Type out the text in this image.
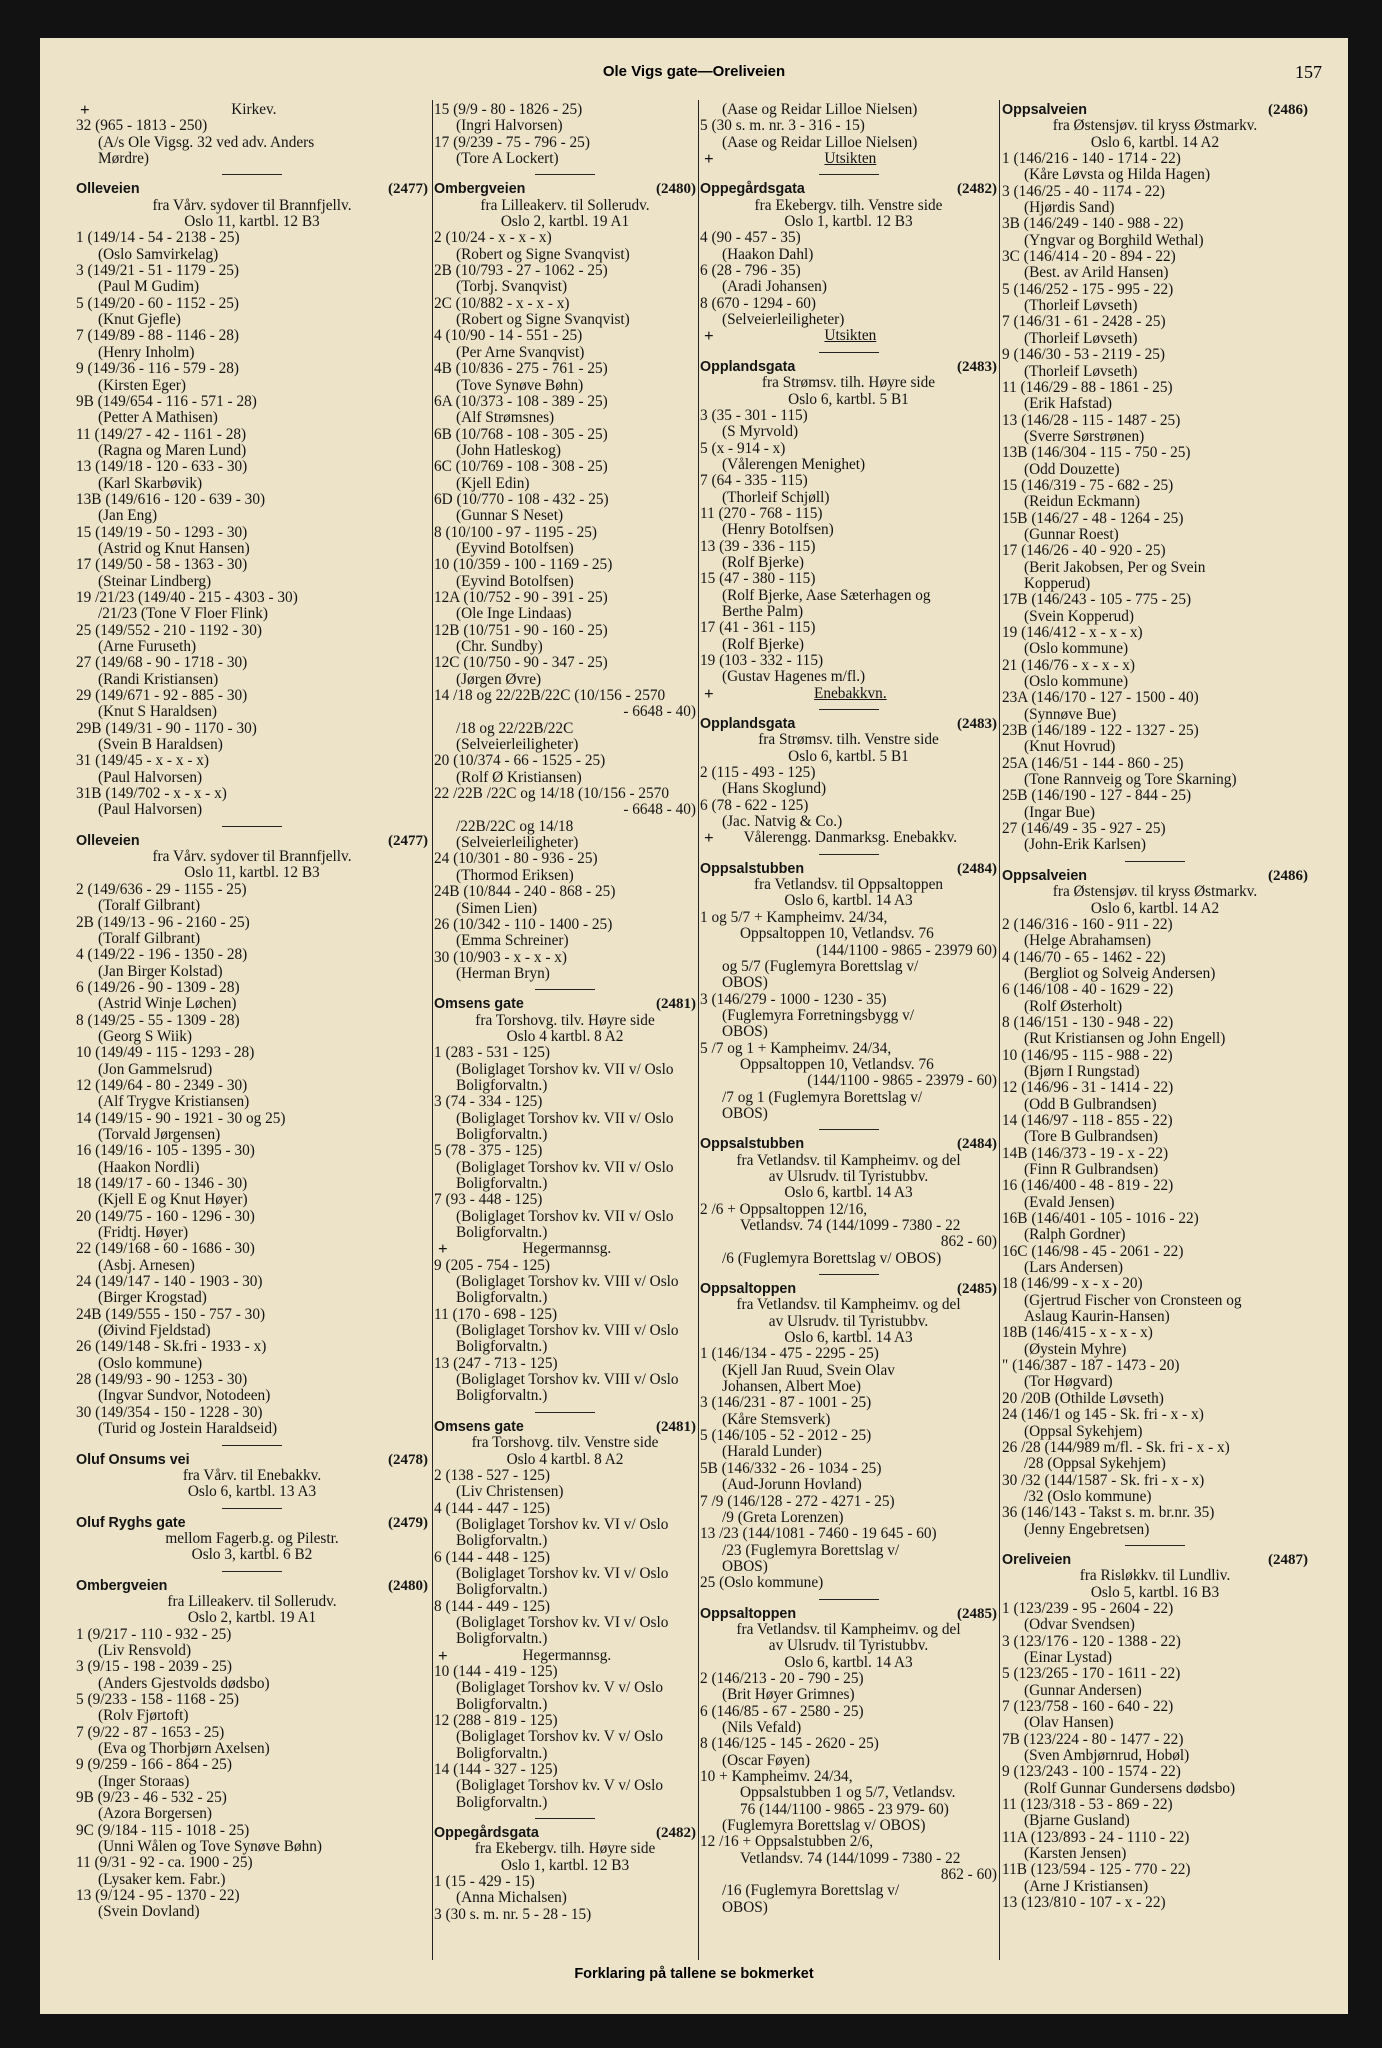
Ole Vigs gate—Oreliveien	157
+	Kirkev.
32 (965 - 1813 - 250)
(A/s Ole Vigsg. 32 ved adv. Anders
Mørdre)
Olleveien	(2477)
fra Vårv. sydover til Brannfjellv.
Oslo 11, kartbl. 12 B3
1 (149/14 - 54 - 2138 - 25)
(Oslo Samvirkelag)
3 (149/21 - 51 - 1179 - 25)
(Paul M Gudim)
5 (149/20 - 60 - 1152 - 25)
(Knut Gjefle)
7 (149/89 - 88 - 1146 - 28)
(Henry Inholm)
9 (149/36 - 116 - 579 - 28)
(Kirsten Eger)
9B (149/654 - 116 - 571 - 28)
(Petter A Mathisen)
11 (149/27 - 42 - 1161 - 28)
(Ragna og Maren Lund)
13 (149/18 - 120 - 633 - 30)
(Karl Skarbøvik)
13B (149/616 - 120 - 639 - 30)
(Jan Eng)
15 (149/19 - 50 - 1293 - 30)
(Astrid og Knut Hansen)
17 (149/50 - 58 - 1363 - 30)
(Steinar Lindberg)
19 /21/23 (149/40 - 215 - 4303 - 30)
/21/23 (Tone V Floer Flink)
25 (149/552 - 210 - 1192 - 30)
(Arne Furuseth)
27 (149/68 - 90 - 1718 - 30)
(Randi Kristiansen)
29 (149/671 - 92 - 885 - 30)
(Knut S Haraldsen)
29B (149/31 - 90 - 1170 - 30)
(Svein B Haraldsen)
31 (149/45 - x - x - x)
(Paul Halvorsen)
31B (149/702 - x - x - x)
(Paul Halvorsen)
Olleveien	(2477)
fra Vårv. sydover til Brannfjellv.
Oslo 11, kartbl. 12 B3
2 (149/636 - 29 - 1155 - 25)
(Toralf Gilbrant)
2B (149/13 - 96 - 2160 - 25)
(Toralf Gilbrant)
4 (149/22 - 196 - 1350 - 28)
(Jan Birger Kolstad)
6 (149/26 - 90 - 1309 - 28)
(Astrid Winje Løchen)
8 (149/25 - 55 - 1309 - 28)
(Georg S Wiik)
10 (149/49 - 115 - 1293 - 28)
(Jon Gammelsrud)
12 (149/64 - 80 - 2349 - 30)
(Alf Trygve Kristiansen)
14 (149/15 - 90 - 1921 - 30 og 25)
(Torvald Jørgensen)
16 (149/16 - 105 - 1395 - 30)
(Haakon Nordli)
18 (149/17 - 60 - 1346 - 30)
(Kjell E og Knut Høyer)
20 (149/75 - 160 - 1296 - 30)
(Fridtj. Høyer)
22 (149/168 - 60 - 1686 - 30)
(Asbj. Arnesen)
24 (149/147 - 140 - 1903 - 30)
(Birger Krogstad)
24B (149/555 - 150 - 757 - 30)
(Øivind Fjeldstad)
26 (149/148 - Sk.fri - 1933 - x)
(Oslo kommune)
28 (149/93 - 90 - 1253 - 30)
(Ingvar Sundvor, Notodeen)
30 (149/354 - 150 - 1228 - 30)
(Turid og Jostein Haraldseid)
Oluf Onsums vei	(2478)
fra Vårv. til Enebakkv.
Oslo 6, kartbl. 13 A3
Oluf Ryghs gate	(2479)
mellom Fagerb.g. og Pilestr.
Oslo 3, kartbl. 6 B2
Ombergveien	(2480)
fra Lilleakerv. til Sollerudv.
Oslo 2, kartbl. 19 A1
1 (9/217 - 110 - 932 - 25)
(Liv Rensvold)
3 (9/15 - 198 - 2039 - 25)
(Anders Gjestvolds dødsbo)
5 (9/233 - 158 - 1168 - 25)
(Rolv Fjørtoft)
7 (9/22 - 87 - 1653 - 25)
(Eva og Thorbjørn Axelsen)
9 (9/259 - 166 - 864 - 25)
(Inger Storaas)
9B (9/23 - 46 - 532 - 25)
(Azora Borgersen)
9C (9/184 - 115 - 1018 - 25)
(Unni Wålen og Tove Synøve Bøhn)
11 (9/31 - 92 - ca. 1900 - 25)
(Lysaker kem. Fabr.)
13 (9/124 - 95 - 1370 - 22)
(Svein Dovland)
15 (9/9 - 80 - 1826 - 25)
(Ingri Halvorsen)
17 (9/239 - 75 - 796 - 25)
(Tore A Lockert)
Ombergveien	(2480)
fra Lilleakerv. til Sollerudv.
Oslo 2, kartbl. 19 A1
2 (10/24 - x - x - x)
(Robert og Signe Svanqvist)
2B (10/793 - 27 - 1062 - 25)
(Torbj. Svanqvist)
2C (10/882 - x - x - x)
(Robert og Signe Svanqvist)
4 (10/90 - 14 - 551 - 25)
(Per Arne Svanqvist)
4B (10/836 - 275 - 761 - 25)
(Tove Synøve Bøhn)
6A (10/373 - 108 - 389 - 25)
(Alf Strømsnes)
6B (10/768 - 108 - 305 - 25)
(John Hatleskog)
6C (10/769 - 108 - 308 - 25)
(Kjell Edin)
6D (10/770 - 108 - 432 - 25)
(Gunnar S Neset)
8 (10/100 - 97 - 1195 - 25)
(Eyvind Botolfsen)
10 (10/359 - 100 - 1169 - 25)
(Eyvind Botolfsen)
12A (10/752 - 90 - 391 - 25)
(Ole Inge Lindaas)
12B (10/751 - 90 - 160 - 25)
(Chr. Sundby)
12C (10/750 - 90 - 347 - 25)
(Jørgen Øvre)
14 /18 og 22/22B/22C (10/156 - 2570
- 6648 - 40)
/18 og 22/22B/22C
(Selveierleiligheter)
20 (10/374 - 66 - 1525 - 25)
(Rolf Ø Kristiansen)
22 /22B /22C og 14/18 (10/156 - 2570
- 6648 - 40)
/22B/22C og 14/18
(Selveierleiligheter)
24 (10/301 - 80 - 936 - 25)
(Thormod Eriksen)
24B (10/844 - 240 - 868 - 25)
(Simen Lien)
26 (10/342 - 110 - 1400 - 25)
(Emma Schreiner)
30 (10/903 - x - x - x)
(Herman Bryn)
Omsens gate	(2481)
fra Torshovg. tilv. Høyre side
Oslo 4 kartbl. 8 A2
1 (283 - 531 - 125)
(Boliglaget Torshov kv. VII v/ Oslo
Boligforvaltn.)
3 (74 - 334 - 125)
(Boliglaget Torshov kv. VII v/ Oslo
Boligforvaltn.)
5 (78 - 375 - 125)
(Boliglaget Torshov kv. VII v/ Oslo
Boligforvaltn.)
7 (93 - 448 - 125)
(Boliglaget Torshov kv. VII v/ Oslo
Boligforvaltn.)
+	Hegermannsg.
9 (205 - 754 - 125)
(Boliglaget Torshov kv. VIII v/ Oslo
Boligforvaltn.)
11 (170 - 698 - 125)
(Boliglaget Torshov kv. VIII v/ Oslo
Boligforvaltn.)
13 (247 - 713 - 125)
(Boliglaget Torshov kv. VIII v/ Oslo
Boligforvaltn.)
Omsens gate	(2481)
fra Torshovg. tilv. Venstre side
Oslo 4 kartbl. 8 A2
2 (138 - 527 - 125)
(Liv Christensen)
4 (144 - 447 - 125)
(Boliglaget Torshov kv. VI v/ Oslo
Boligforvaltn.)
6 (144 - 448 - 125)
(Boliglaget Torshov kv. VI v/ Oslo
Boligforvaltn.)
8 (144 - 449 - 125)
(Boliglaget Torshov kv. VI v/ Oslo
Boligforvaltn.)
+	Hegermannsg.
10 (144 - 419 - 125)
(Boliglaget Torshov kv. V v/ Oslo
Boligforvaltn.)
12 (288 - 819 - 125)
(Boliglaget Torshov kv. V v/ Oslo
Boligforvaltn.)
14 (144 - 327 - 125)
(Boliglaget Torshov kv. V v/ Oslo
Boligforvaltn.)
Oppegårdsgata	(2482)
fra Ekebergv. tilh. Høyre side
Oslo 1, kartbl. 12 B3
1 (15 - 429 - 15)
(Anna Michalsen)
3 (30 s. m. nr. 5 - 28 - 15)
(Aase og Reidar Lilloe Nielsen)
5 (30 s. m. nr. 3 - 316 - 15)
(Aase og Reidar Lilloe Nielsen)
+	Utsikten
Oppegårdsgata	(2482)
fra Ekebergv. tilh. Venstre side
Oslo 1, kartbl. 12 B3
4 (90 - 457 - 35)
(Haakon Dahl)
6 (28 - 796 - 35)
(Aradi Johansen)
8 (670 - 1294 - 60)
(Selveierleiligheter)
+	Utsikten
Opplandsgata	(2483)
fra Strømsv. tilh. Høyre side
Oslo 6, kartbl. 5 B1
3 (35 - 301 - 115)
(S Myrvold)
5 (x - 914 - x)
(Vålerengen Menighet)
7 (64 - 335 - 115)
(Thorleif Schjøll)
11 (270 - 768 - 115)
(Henry Botolfsen)
13 (39 - 336 - 115)
(Rolf Bjerke)
15 (47 - 380 - 115)
(Rolf Bjerke, Aase Sæterhagen og
Berthe Palm)
17 (41 - 361 - 115)
(Rolf Bjerke)
19 (103 - 332 - 115)
(Gustav Hagenes m/fl.)
+	Enebakkvn.
Opplandsgata	(2483)
fra Strømsv. tilh. Venstre side
Oslo 6, kartbl. 5 B1
2 (115 - 493 - 125)
(Hans Skoglund)
6 (78 - 622 - 125)
(Jac. Natvig & Co.)
+	Vålerengg. Danmarksg. Enebakkv.
Oppsalstubben	(2484)
fra Vetlandsv. til Oppsaltoppen
Oslo 6, kartbl. 14 A3
1 og 5/7 + Kampheimv. 24/34,
Oppsaltoppen 10, Vetlandsv. 76
(144/1100 - 9865 - 23979 60)
og 5/7 (Fuglemyra Borettslag v/
OBOS)
3 (146/279 - 1000 - 1230 - 35)
(Fuglemyra Forretningsbygg v/
OBOS)
5 /7 og 1 + Kampheimv. 24/34,
Oppsaltoppen 10, Vetlandsv. 76
(144/1100 - 9865 - 23979 - 60)
/7 og 1 (Fuglemyra Borettslag v/
OBOS)
Oppsalstubben	(2484)
fra Vetlandsv. til Kampheimv. og del
av Ulsrudv. til Tyristubbv.
Oslo 6, kartbl. 14 A3
2 /6 + Oppsaltoppen 12/16,
Vetlandsv. 74 (144/1099 - 7380 - 22
862 - 60)
/6 (Fuglemyra Borettslag v/ OBOS)
Oppsaltoppen	(2485)
fra Vetlandsv. til Kampheimv. og del
av Ulsrudv. til Tyristubbv.
Oslo 6, kartbl. 14 A3
1 (146/134 - 475 - 2295 - 25)
(Kjell Jan Ruud, Svein Olav
Johansen, Albert Moe)
3 (146/231 - 87 - 1001 - 25)
(Kåre Stemsverk)
5 (146/105 - 52 - 2012 - 25)
(Harald Lunder)
5B (146/332 - 26 - 1034 - 25)
(Aud-Jorunn Hovland)
7 /9 (146/128 - 272 - 4271 - 25)
/9 (Greta Lorenzen)
13 /23 (144/1081 - 7460 - 19 645 - 60)
/23 (Fuglemyra Borettslag v/
OBOS)
25 (Oslo kommune)
Oppsaltoppen	(2485)
fra Vetlandsv. til Kampheimv. og del
av Ulsrudv. til Tyristubbv.
Oslo 6, kartbl. 14 A3
2 (146/213 - 20 - 790 - 25)
(Brit Høyer Grimnes)
6 (146/85 - 67 - 2580 - 25)
(Nils Vefald)
8 (146/125 - 145 - 2620 - 25)
(Oscar Føyen)
10 + Kampheimv. 24/34,
Oppsalstubben 1 og 5/7, Vetlandsv.
76 (144/1100 - 9865 - 23 979- 60)
(Fuglemyra Borettslag v/ OBOS)
12 /16 + Oppsalstubben 2/6,
Vetlandsv. 74 (144/1099 - 7380 - 22
862 - 60)
/16 (Fuglemyra Borettslag v/
OBOS)
Oppsalveien	(2486)
fra Østensjøv. til kryss Østmarkv.
Oslo 6, kartbl. 14 A2
1 (146/216 - 140 - 1714 - 22)
(Kåre Løvsta og Hilda Hagen)
3 (146/25 - 40 - 1174 - 22)
(Hjørdis Sand)
3B (146/249 - 140 - 988 - 22)
(Yngvar og Borghild Wethal)
3C (146/414 - 20 - 894 - 22)
(Best. av Arild Hansen)
5 (146/252 - 175 - 995 - 22)
(Thorleif Løvseth)
7 (146/31 - 61 - 2428 - 25)
(Thorleif Løvseth)
9 (146/30 - 53 - 2119 - 25)
(Thorleif Løvseth)
11 (146/29 - 88 - 1861 - 25)
(Erik Hafstad)
13 (146/28 - 115 - 1487 - 25)
(Sverre Sørstrønen)
13B (146/304 - 115 - 750 - 25)
(Odd Douzette)
15 (146/319 - 75 - 682 - 25)
(Reidun Eckmann)
15B (146/27 - 48 - 1264 - 25)
(Gunnar Roest)
17 (146/26 - 40 - 920 - 25)
(Berit Jakobsen, Per og Svein
Kopperud)
17B (146/243 - 105 - 775 - 25)
(Svein Kopperud)
19 (146/412 - x - x - x)
(Oslo kommune)
21 (146/76 - x - x - x)
(Oslo kommune)
23A (146/170 - 127 - 1500 - 40)
(Synnøve Bue)
23B (146/189 - 122 - 1327 - 25)
(Knut Hovrud)
25A (146/51 - 144 - 860 - 25)
(Tone Rannveig og Tore Skarning)
25B (146/190 - 127 - 844 - 25)
(Ingar Bue)
27 (146/49 - 35 - 927 - 25)
(John-Erik Karlsen)
Oppsalveien	(2486)
fra Østensjøv. til kryss Østmarkv.
Oslo 6, kartbl. 14 A2
2 (146/316 - 160 - 911 - 22)
(Helge Abrahamsen)
4 (146/70 - 65 - 1462 - 22)
(Bergliot og Solveig Andersen)
6 (146/108 - 40 - 1629 - 22)
(Rolf Østerholt)
8 (146/151 - 130 - 948 - 22)
(Rut Kristiansen og John Engell)
10 (146/95 - 115 - 988 - 22)
(Bjørn I Rungstad)
12 (146/96 - 31 - 1414 - 22)
(Odd B Gulbrandsen)
14 (146/97 - 118 - 855 - 22)
(Tore B Gulbrandsen)
14B (146/373 - 19 - x - 22)
(Finn R Gulbrandsen)
16 (146/400 - 48 - 819 - 22)
(Evald Jensen)
16B (146/401 - 105 - 1016 - 22)
(Ralph Gordner)
16C (146/98 - 45 - 2061 - 22)
(Lars Andersen)
18 (146/99 - x - x - 20)
(Gjertrud Fischer von Cronsteen og
Aslaug Kaurin-Hansen)
18B (146/415 - x - x - x)
(Øystein Myhre)
" (146/387 - 187 - 1473 - 20)
(Tor Høgvard)
20 /20B (Othilde Løvseth)
24 (146/1 og 145 - Sk. fri - x - x)
(Oppsal Sykehjem)
26 /28 (144/989 m/fl. - Sk. fri - x - x)
/28 (Oppsal Sykehjem)
30 /32 (144/1587 - Sk. fri - x - x)
/32 (Oslo kommune)
36 (146/143 - Takst s. m. br.nr. 35)
(Jenny Engebretsen)
Oreliveien	(2487)
fra Risløkkv. til Lundliv.
Oslo 5, kartbl. 16 B3
1 (123/239 - 95 - 2604 - 22)
(Odvar Svendsen)
3 (123/176 - 120 - 1388 - 22)
(Einar Lystad)
5 (123/265 - 170 - 1611 - 22)
(Gunnar Andersen)
7 (123/758 - 160 - 640 - 22)
(Olav Hansen)
7B (123/224 - 80 - 1477 - 22)
(Sven Ambjørnrud, Hobøl)
9 (123/243 - 100 - 1574 - 22)
(Rolf Gunnar Gundersens dødsbo)
11 (123/318 - 53 - 869 - 22)
(Bjarne Gusland)
11A (123/893 - 24 - 1110 - 22)
(Karsten Jensen)
11B (123/594 - 125 - 770 - 22)
(Arne J Kristiansen)
13 (123/810 - 107 - x - 22)
Forklaring på tallene se bokmerket
